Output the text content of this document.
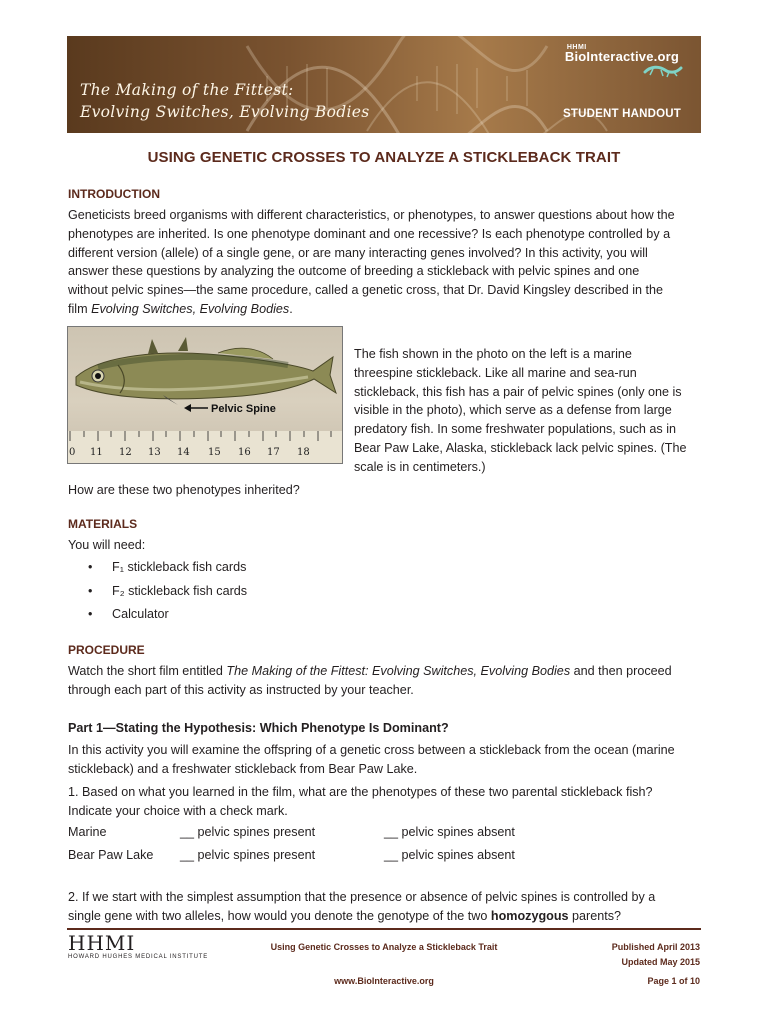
The Making of the Fittest:
Evolving Switches, Evolving Bodies
HHMI
BioInteractive.org
STUDENT HANDOUT
USING GENETIC CROSSES TO ANALYZE A STICKLEBACK TRAIT
INTRODUCTION
Geneticists breed organisms with different characteristics, or phenotypes, to answer questions about how the
phenotypes are inherited. Is one phenotype dominant and one recessive? Is each phenotype controlled by a
different version (allele) of a single gene, or are many interacting genes involved? In this activity, you will
answer these questions by analyzing the outcome of breeding a stickleback with pelvic spines and one
without pelvic spines—the same procedure, called a genetic cross, that Dr. David Kingsley described in the
film Evolving Switches, Evolving Bodies.
0 11 12 13 14 15 16 17 18
Pelvic Spine
The fish shown in the photo on the left is a marine
threespine stickleback. Like all marine and sea-run
stickleback, this fish has a pair of pelvic spines (only one is
visible in the photo), which serve as a defense from large
predatory fish. In some freshwater populations, such as in
Bear Paw Lake, Alaska, stickleback lack pelvic spines. (The
scale is in centimeters.)
How are these two phenotypes inherited?
MATERIALS
You will need:
•	F₁ stickleback fish cards
•	F₂ stickleback fish cards
•	Calculator
PROCEDURE
Watch the short film entitled The Making of the Fittest: Evolving Switches, Evolving Bodies and then proceed
through each part of this activity as instructed by your teacher.
Part 1—Stating the Hypothesis: Which Phenotype Is Dominant?
In this activity you will examine the offspring of a genetic cross between a stickleback from the ocean (marine
stickleback) and a freshwater stickleback from Bear Paw Lake.
1. Based on what you learned in the film, what are the phenotypes of these two parental stickleback fish?
Indicate your choice with a check mark.
Marine	__ pelvic spines present	__ pelvic spines absent
Bear Paw Lake __ pelvic spines present	__ pelvic spines absent
2. If we start with the simplest assumption that the presence or absence of pelvic spines is controlled by a
single gene with two alleles, how would you denote the genotype of the two homozygous parents?
HHMI
HOWARD HUGHES MEDICAL INSTITUTE
Using Genetic Crosses to Analyze a Stickleback Trait
www.BioInteractive.org
Published April 2013
Updated May 2015
Page 1 of 10
